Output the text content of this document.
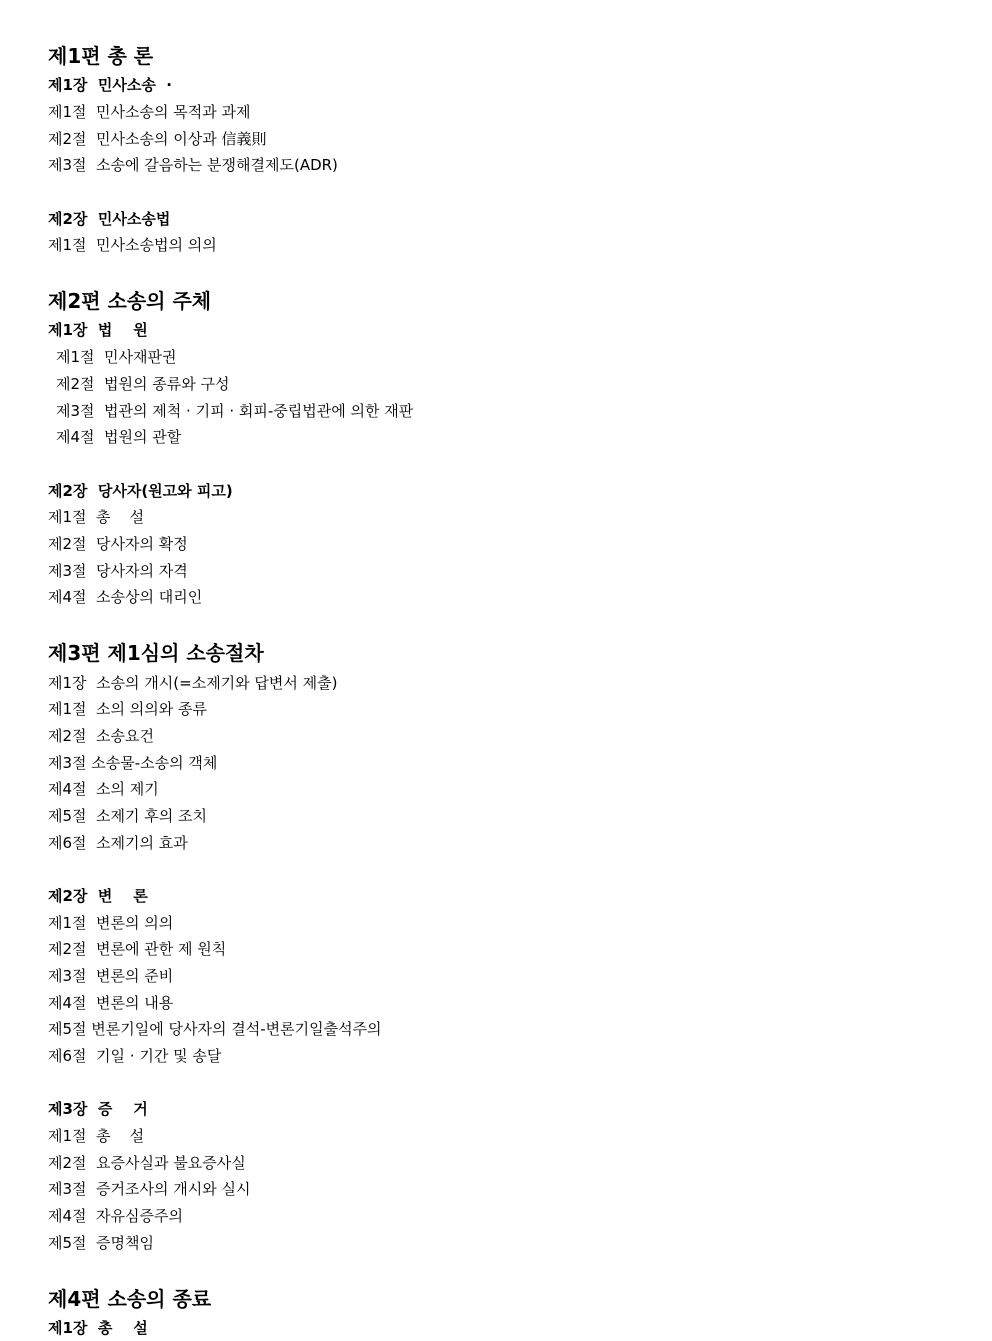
제1편 총 론
제1장  민사소송  ·
제1절  민사소송의 목적과 과제
제2절  민사소송의 이상과 信義則
제3절  소송에 갈음하는 분쟁해결제도(ADR)
제2장  민사소송법
제1절  민사소송법의 의의
제2편 소송의 주체
제1장  법    원
제1절  민사재판권
제2절  법원의 종류와 구성
제3절  법관의 제척 · 기피 · 회피-중립법관에 의한 재판
제4절  법원의 관할
제2장  당사자(원고와 피고)
제1절  총    설
제2절  당사자의 확정
제3절  당사자의 자격
제4절  소송상의 대리인
제3편 제1심의 소송절차
제1장  소송의 개시(=소제기와 답변서 제출)
제1절  소의 의의와 종류
제2절  소송요건
제3절 소송물-소송의 객체
제4절  소의 제기
제5절  소제기 후의 조치
제6절  소제기의 효과
제2장  변    론
제1절  변론의 의의
제2절  변론에 관한 제 원칙
제3절  변론의 준비
제4절  변론의 내용
제5절 변론기일에 당사자의 결석-변론기일출석주의
제6절  기일 · 기간 및 송달
제3장  증    거
제1절  총    설
제2절  요증사실과 불요증사실
제3절  증거조사의 개시와 실시
제4절  자유심증주의
제5절  증명책임
제4편 소송의 종료
제1장  총    설
